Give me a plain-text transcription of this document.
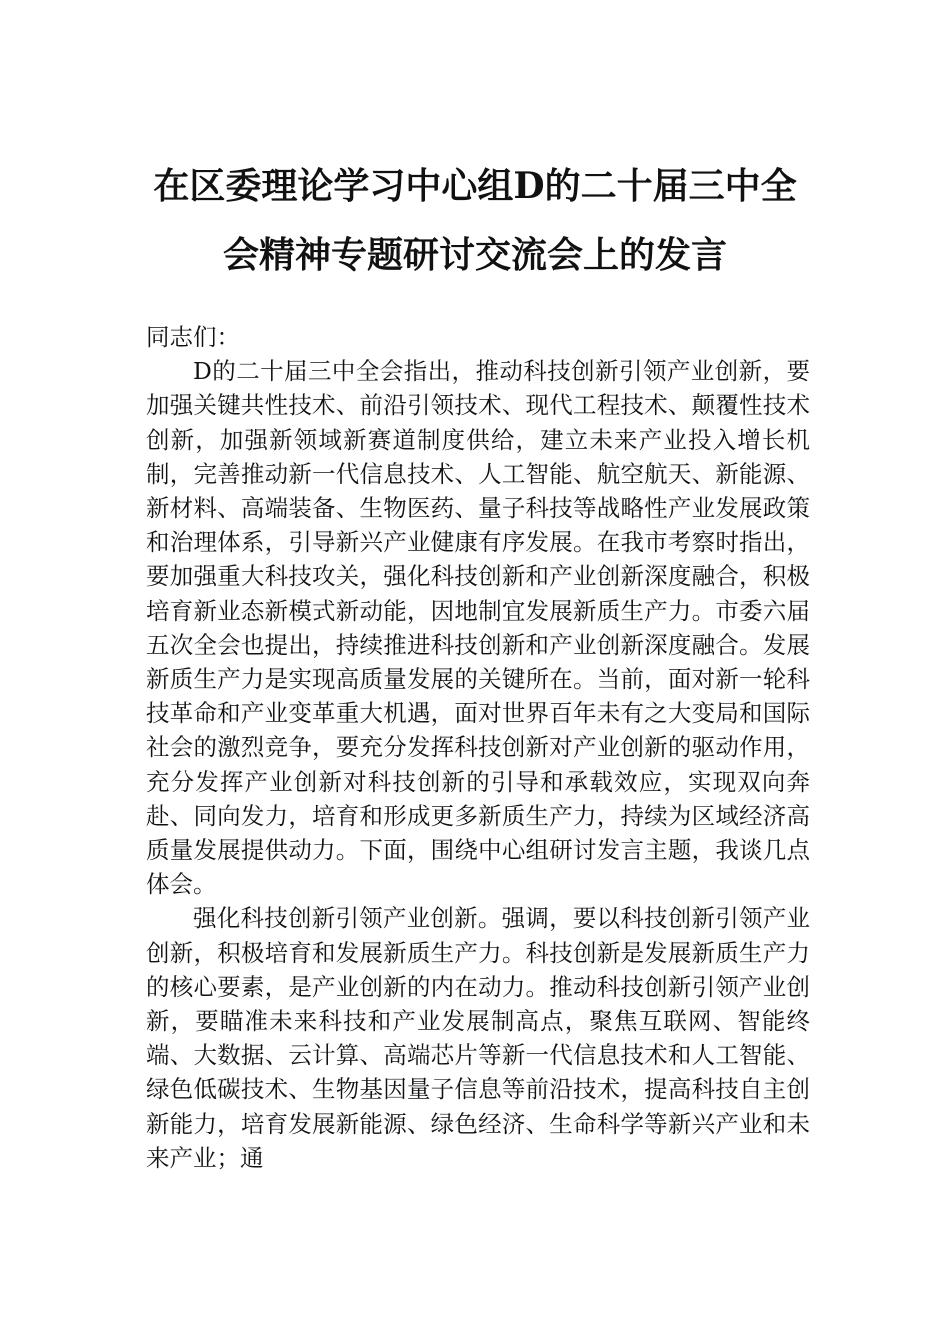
在区委理论学习中心组D的二十届三中全
会精神专题研讨交流会上的发言

同志们：

D的二十届三中全会指出，推动科技创新引领产业创新，要加强关键共性技术、前沿引领技术、现代工程技术、颠覆性技术创新，加强新领域新赛道制度供给，建立未来产业投入增长机制，完善推动新一代信息技术、人工智能、航空航天、新能源、新材料、高端装备、生物医药、量子科技等战略性产业发展政策和治理体系，引导新兴产业健康有序发展。在我市考察时指出，要加强重大科技攻关，强化科技创新和产业创新深度融合，积极培育新业态新模式新动能，因地制宜发展新质生产力。市委六届五次全会也提出，持续推进科技创新和产业创新深度融合。发展新质生产力是实现高质量发展的关键所在。当前，面对新一轮科技革命和产业变革重大机遇，面对世界百年未有之大变局和国际社会的激烈竞争，要充分发挥科技创新对产业创新的驱动作用，充分发挥产业创新对科技创新的引导和承载效应，实现双向奔赴、同向发力，培育和形成更多新质生产力，持续为区域经济高质量发展提供动力。下面，围绕中心组研讨发言主题，我谈几点体会。

强化科技创新引领产业创新。强调，要以科技创新引领产业创新，积极培育和发展新质生产力。科技创新是发展新质生产力的核心要素，是产业创新的内在动力。推动科技创新引领产业创新，要瞄准未来科技和产业发展制高点，聚焦互联网、智能终端、大数据、云计算、高端芯片等新一代信息技术和人工智能、绿色低碳技术、生物基因量子信息等前沿技术，提高科技自主创新能力，培育发展新能源、绿色经济、生命科学等新兴产业和未来产业；通
